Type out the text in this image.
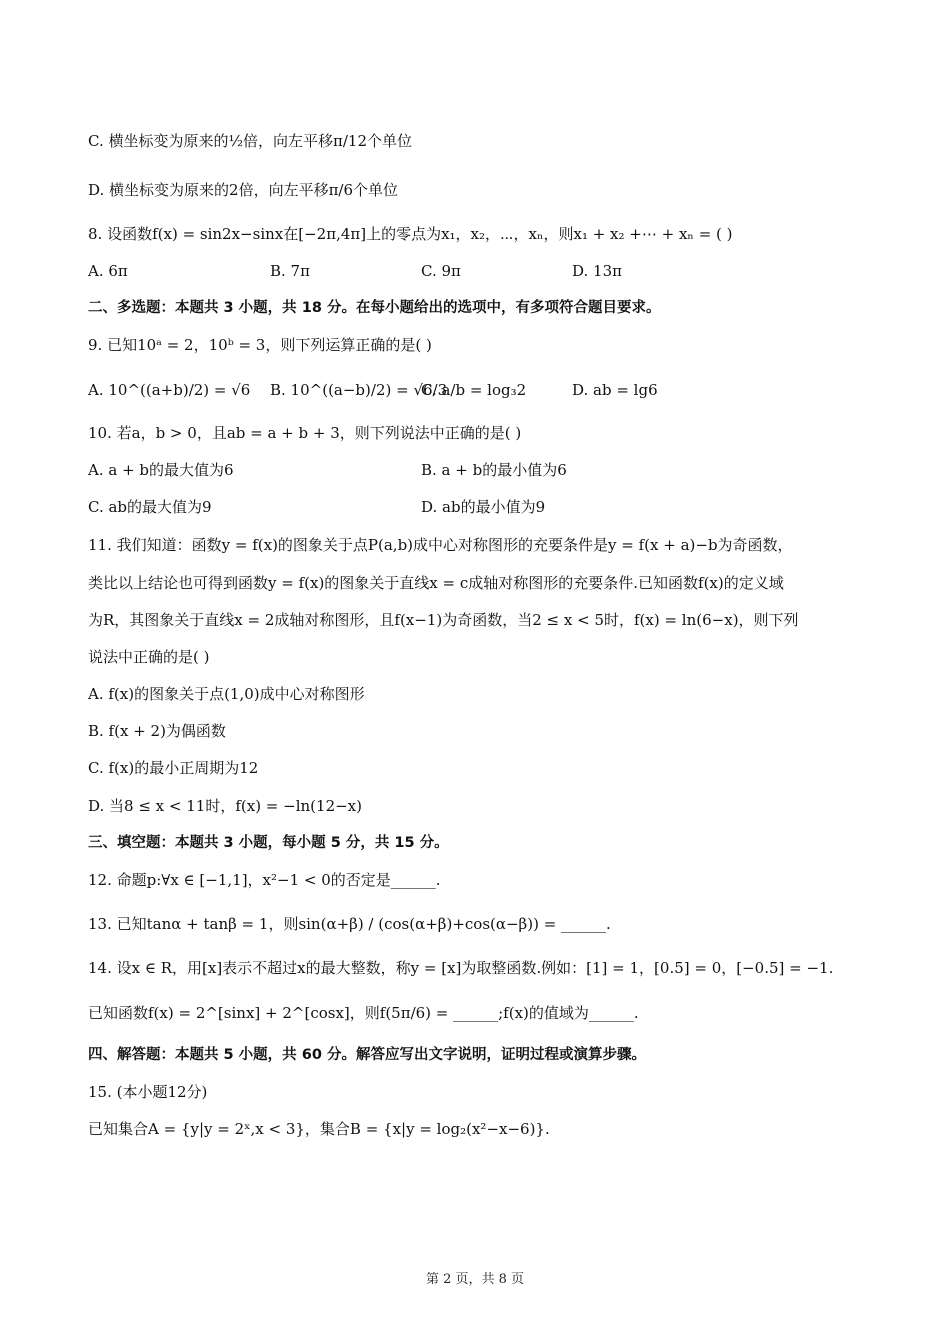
C. 横坐标变为原来的½倍，向左平移π/12个单位
D. 横坐标变为原来的2倍，向左平移π/6个单位
8. 设函数f(x) = sin2x−sinx在[−2π,4π]上的零点为x₁，x₂，⋯，xₙ，则x₁ + x₂ +⋯ + xₙ = ( )
A. 6π	B. 7π	C. 9π	D. 13π
二、多选题：本题共 3 小题，共 18 分。在每小题给出的选项中，有多项符合题目要求。
9. 已知10ᵃ = 2，10ᵇ = 3，则下列运算正确的是( )
A. 10^((a+b)/2) = √6 B. 10^((a−b)/2) = √6/3
C. a/b = log₃2	D. ab = lg6
10. 若a，b > 0，且ab = a + b + 3，则下列说法中正确的是( )
A. a + b的最大值为6	B. a + b的最小值为6
C. ab的最大值为9	D. ab的最小值为9
11. 我们知道：函数y = f(x)的图象关于点P(a,b)成中心对称图形的充要条件是y = f(x + a)−b为奇函数，
类比以上结论也可得到函数y = f(x)的图象关于直线x = c成轴对称图形的充要条件.已知函数f(x)的定义域
为R，其图象关于直线x = 2成轴对称图形，且f(x−1)为奇函数，当2 ≤ x < 5时，f(x) = ln(6−x)，则下列
说法中正确的是( )
A. f(x)的图象关于点(1,0)成中心对称图形
B. f(x + 2)为偶函数
C. f(x)的最小正周期为12
D. 当8 ≤ x < 11时，f(x) = −ln(12−x)
三、填空题：本题共 3 小题，每小题 5 分，共 15 分。
12. 命题p:∀x ∈ [−1,1]，x²−1 < 0的否定是______.
13. 已知tanα + tanβ = 1，则sin(α+β) / (cos(α+β)+cos(α−β)) = ______.
14. 设x ∈ R，用[x]表示不超过x的最大整数，称y = [x]为取整函数.例如：[1] = 1，[0.5] = 0，[−0.5] = −1.
已知函数f(x) = 2^[sinx] + 2^[cosx]，则f(5π/6) = ______;f(x)的值域为______.
四、解答题：本题共 5 小题，共 60 分。解答应写出文字说明，证明过程或演算步骤。
15. (本小题12分)
已知集合A = {y|y = 2ˣ,x < 3}，集合B = {x|y = log₂(x²−x−6)}.
第 2 页，共 8 页
